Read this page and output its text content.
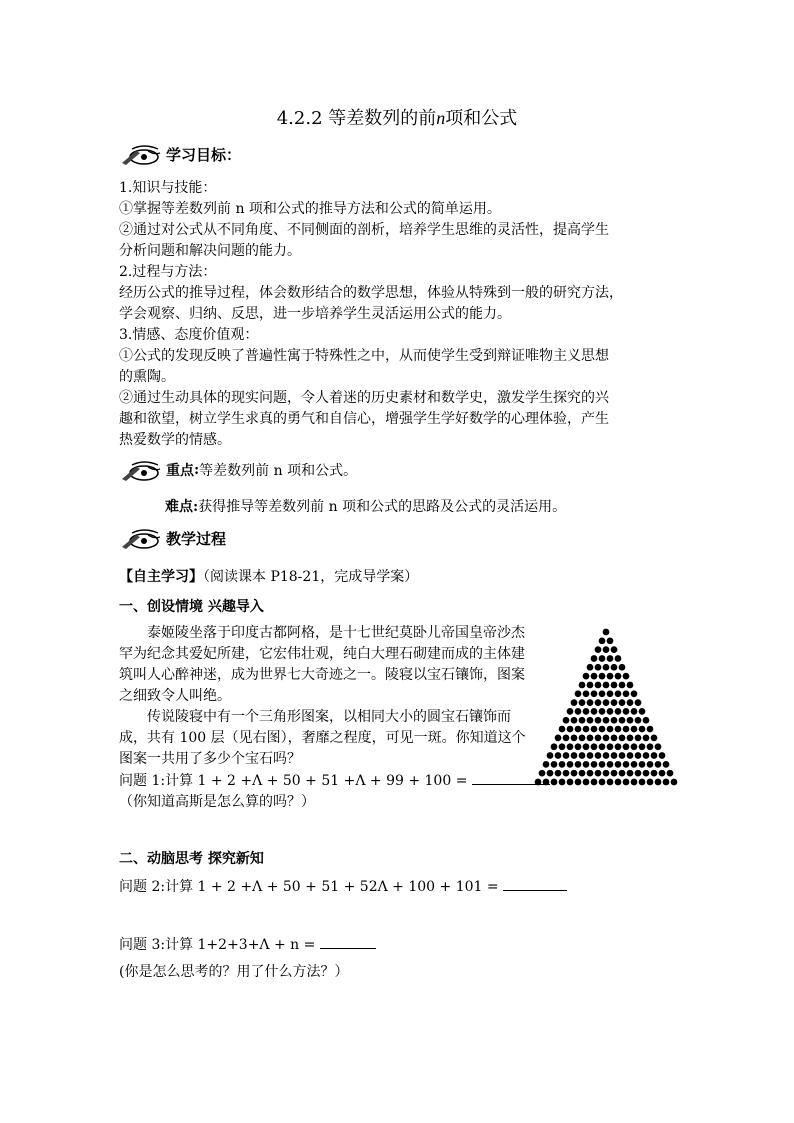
4.2.2 等差数列的前n项和公式
学习目标：

1.知识与技能：

①掌握等差数列前 n 项和公式的推导方法和公式的简单运用。

②通过对公式从不同角度、不同侧面的剖析，培养学生思维的灵活性，提高学生

分析问题和解决问题的能力。

2.过程与方法：

经历公式的推导过程，体会数形结合的数学思想，体验从特殊到一般的研究方法，

学会观察、归纳、反思，进一步培养学生灵活运用公式的能力。

3.情感、态度价值观：

①公式的发现反映了普遍性寓于特殊性之中，从而使学生受到辩证唯物主义思想

的熏陶。

②通过生动具体的现实问题，令人着迷的历史素材和数学史，激发学生探究的兴

趣和欲望，树立学生求真的勇气和自信心，增强学生学好数学的心理体验，产生

热爱数学的情感。

重点 : 等差数列前 n 项和公式。
难点:获得推导等差数列前 n 项和公式的思路及公式的灵活运用。
教学过程
【自主学习】（阅读课本 P18-21，完成导学案）
一、创设情境 兴趣导入

泰姬陵坐落于印度古都阿格，是十七世纪莫卧儿帝国皇帝沙杰罕为纪念其爱妃所建，它宏伟壮观，纯白大理石砌建而成的主体建筑叫人心醉神迷，成为世界七大奇迹之一。陵寝以宝石镶饰，图案之细致令人叫绝。

传说陵寝中有一个三角形图案，以相同大小的圆宝石镶饰而成，共有 100 层（见右图），奢靡之程度，可见一斑。你知道这个图案一共用了多少个宝石吗？

问题 1:计算 1 + 2 +Λ + 50 + 51 +Λ + 99 + 100 =
（你知道高斯是怎么算的吗？）
二、动脑思考 探究新知
问题 2:计算 1 + 2 +Λ + 50 + 51 + 52Λ + 100 + 101 =
问题 3:计算 1+2+3+Λ + n =
(你是怎么思考的？用了什么方法？）
